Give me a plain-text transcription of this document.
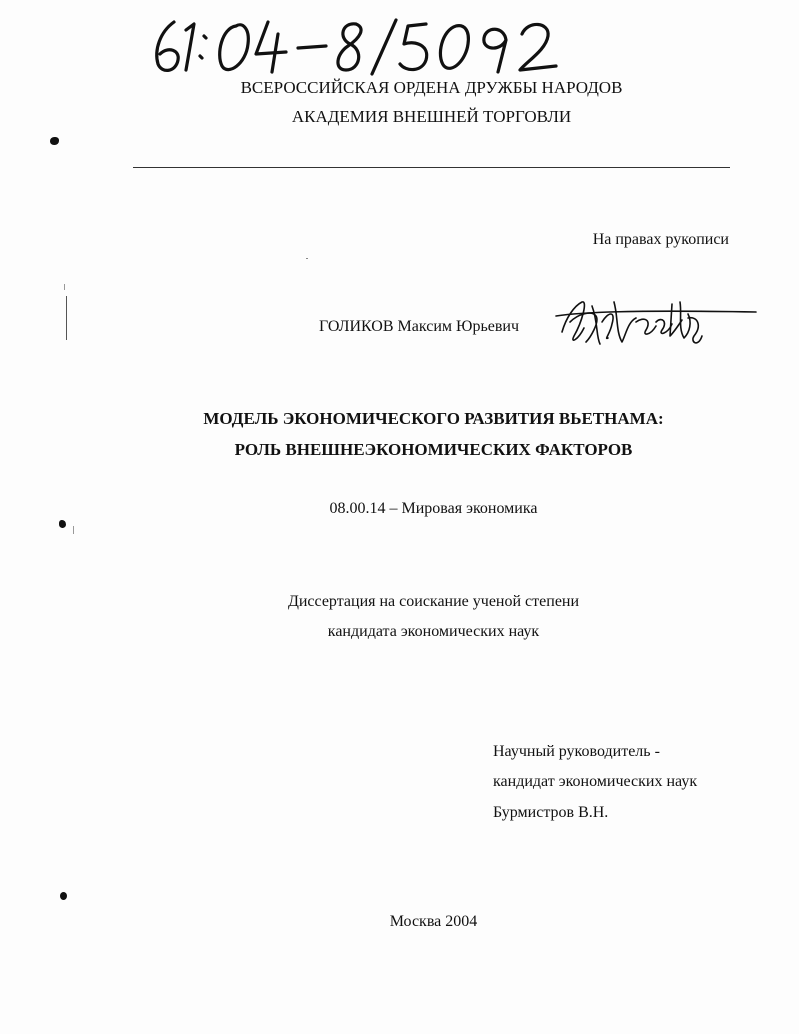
ВСЕРОССИЙСКАЯ ОРДЕНА ДРУЖБЫ НАРОДОВ
АКАДЕМИЯ ВНЕШНЕЙ ТОРГОВЛИ
На правах рукописи
ГОЛИКОВ Максим Юрьевич
МОДЕЛЬ ЭКОНОМИЧЕСКОГО РАЗВИТИЯ ВЬЕТНАМА:
РОЛЬ ВНЕШНЕЭКОНОМИЧЕСКИХ ФАКТОРОВ
08.00.14 – Мировая экономика
Диссертация на соискание ученой степени
кандидата экономических наук
Научный руководитель -
кандидат экономических наук
Бурмистров В.Н.
Москва 2004
